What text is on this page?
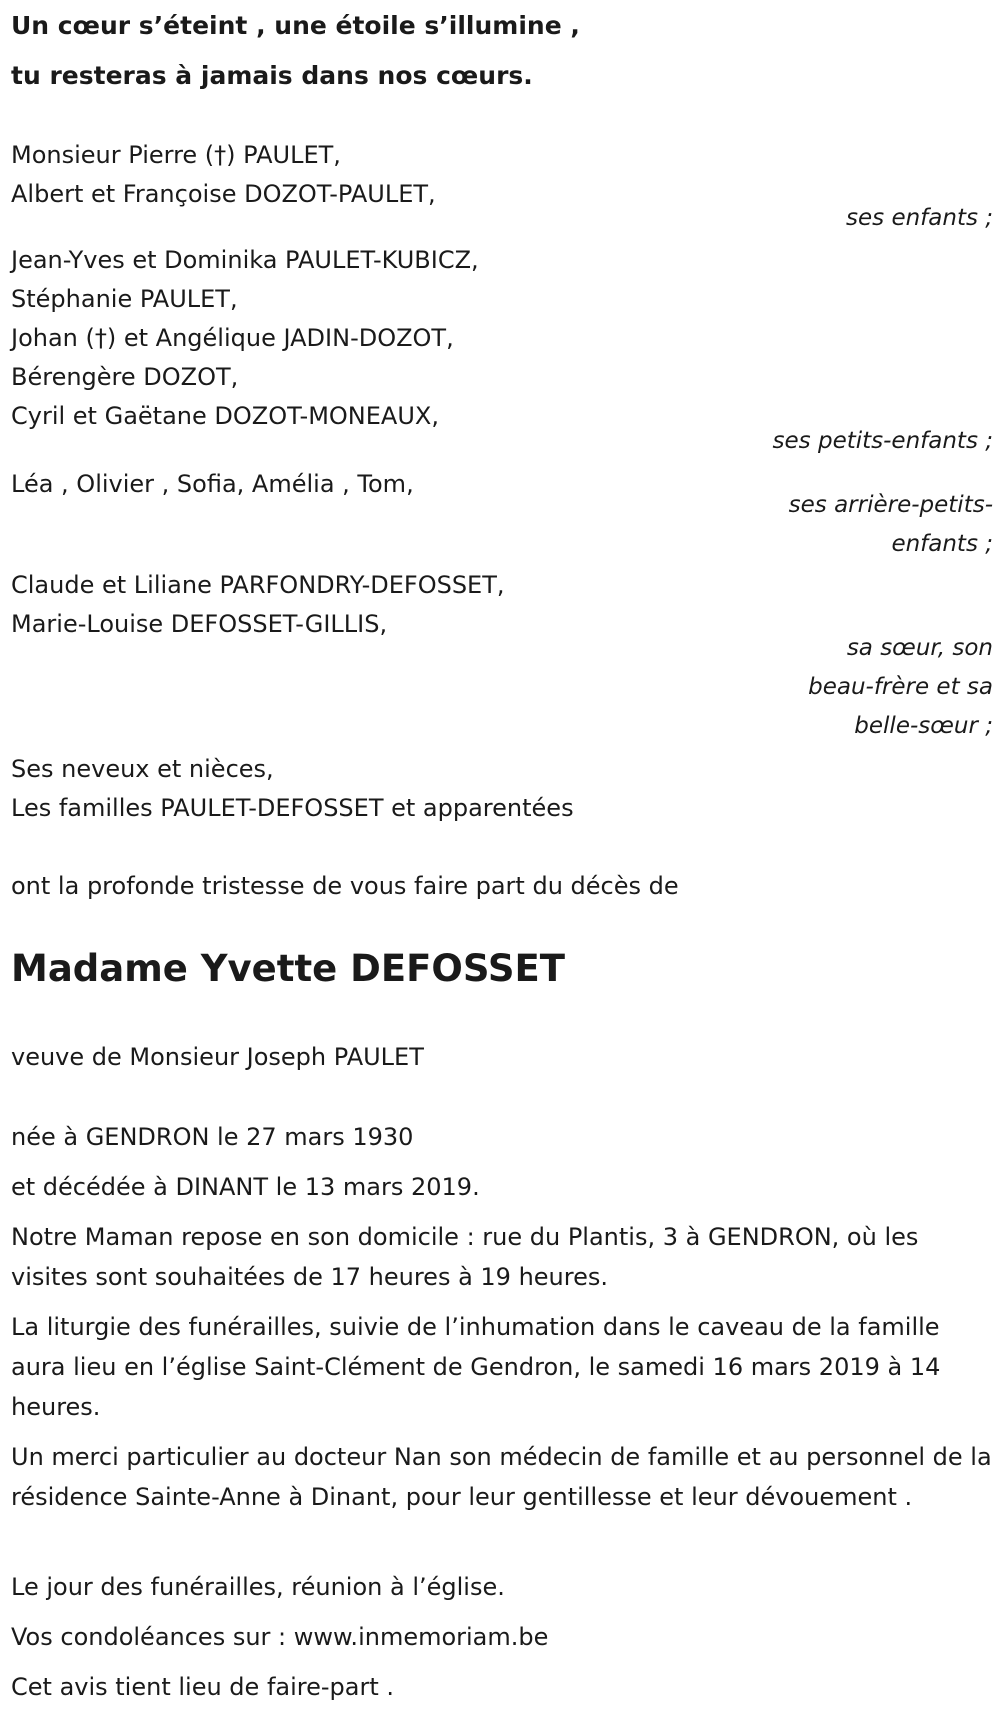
Un cœur s’éteint , une étoile s’illumine ,
tu resteras à jamais dans nos cœurs.
Monsieur Pierre (†) PAULET,
Albert et Françoise DOZOT-PAULET,
ses enfants ;
Jean-Yves et Dominika PAULET-KUBICZ,
Stéphanie PAULET,
Johan (†) et Angélique JADIN-DOZOT,
Bérengère DOZOT,
Cyril et Gaëtane DOZOT-MONEAUX,
ses petits-enfants ;
Léa , Olivier , Sofia, Amélia , Tom,
ses arrière-petits-
enfants ;
Claude et Liliane PARFONDRY-DEFOSSET,
Marie-Louise DEFOSSET-GILLIS,
sa sœur, son
beau-frère et sa
belle-sœur ;
Ses neveux et nièces,
Les familles PAULET-DEFOSSET et apparentées
ont la profonde tristesse de vous faire part du décès de
Madame Yvette DEFOSSET
veuve de Monsieur Joseph PAULET
née à GENDRON le 27 mars 1930
et décédée à DINANT le 13 mars 2019.
Notre Maman repose en son domicile : rue du Plantis, 3 à GENDRON, où les visites sont souhaitées de 17 heures à 19 heures.
La liturgie des funérailles, suivie de l’inhumation dans le caveau de la famille aura lieu en l’église Saint-Clément de Gendron, le samedi 16 mars 2019 à 14 heures.
Un merci particulier au docteur Nan son médecin de famille et au personnel de la résidence Sainte-Anne à Dinant, pour leur gentillesse et leur dévouement .
Le jour des funérailles, réunion à l’église.
Vos condoléances sur : www.inmemoriam.be
Cet avis tient lieu de faire-part .
